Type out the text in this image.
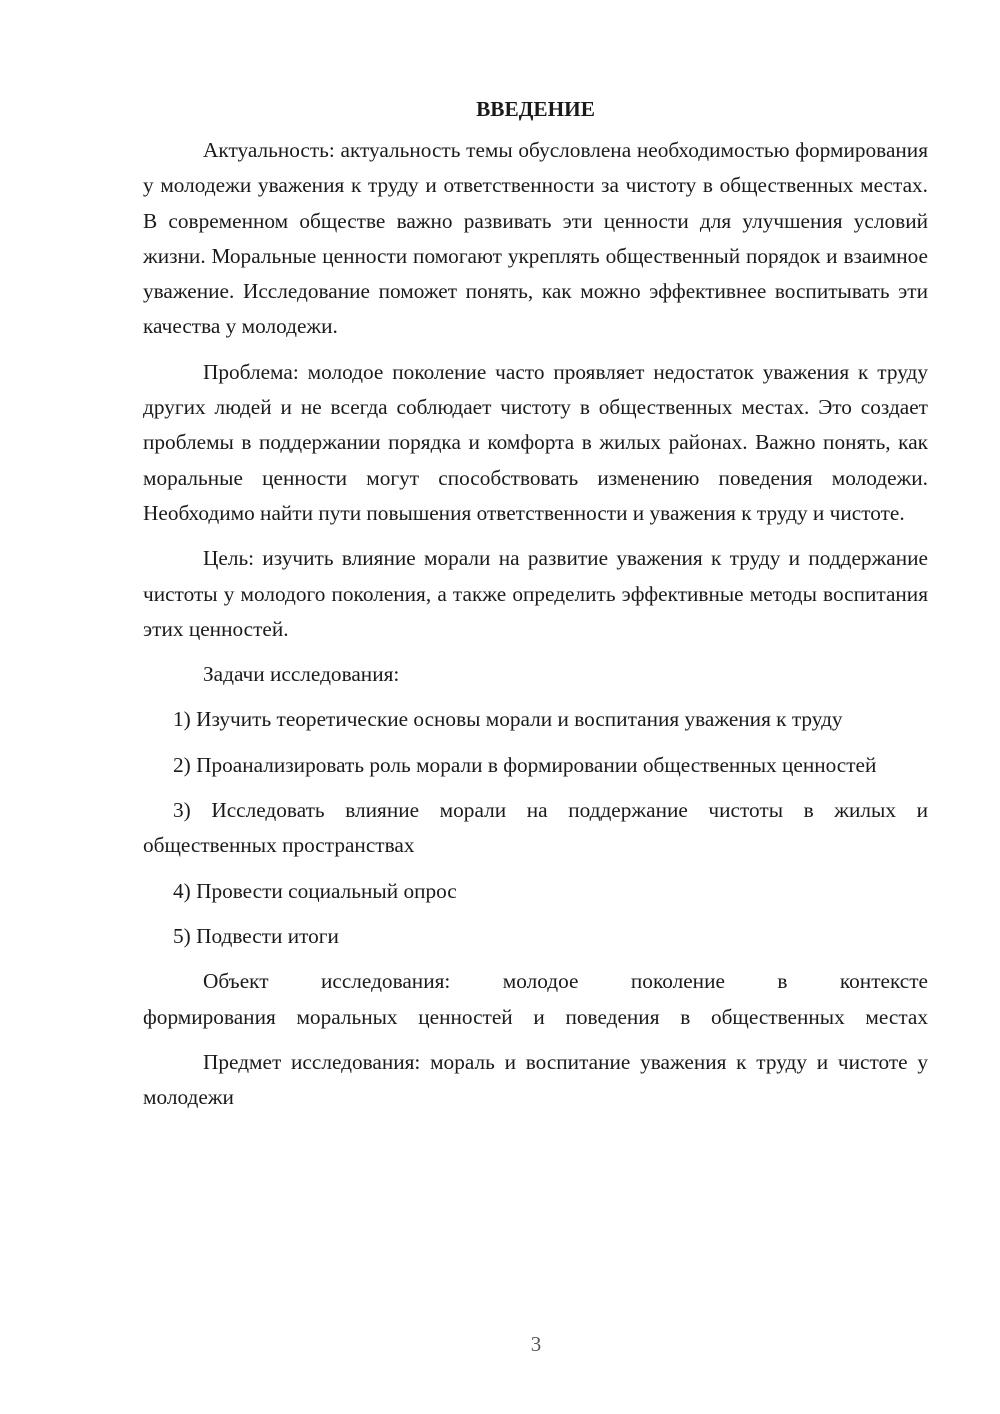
ВВЕДЕНИЕ

Актуальность: актуальность темы обусловлена необходимостью формирования у молодежи уважения к труду и ответственности за чистоту в общественных местах. В современном обществе важно развивать эти ценности для улучшения условий жизни. Моральные ценности помогают укреплять общественный порядок и взаимное уважение. Исследование поможет понять, как можно эффективнее воспитывать эти качества у молодежи.

Проблема: молодое поколение часто проявляет недостаток уважения к труду других людей и не всегда соблюдает чистоту в общественных местах. Это создает проблемы в поддержании порядка и комфорта в жилых районах. Важно понять, как моральные ценности могут способствовать изменению поведения молодежи. Необходимо найти пути повышения ответственности и уважения к труду и чистоте.

Цель: изучить влияние морали на развитие уважения к труду и поддержание чистоты у молодого поколения, а также определить эффективные методы воспитания этих ценностей.

Задачи исследования:

1) Изучить теоретические основы морали и воспитания уважения к труду

2) Проанализировать роль морали в формировании общественных ценностей

3) Исследовать влияние морали на поддержание чистоты в жилых и общественных пространствах

4) Провести социальный опрос

5) Подвести итоги

Объект исследования: молодое поколение в контексте
формирования моральных ценностей и поведения в общественных местах

Предмет исследования: мораль и воспитание уважения к труду и чистоте у молодежи

3
